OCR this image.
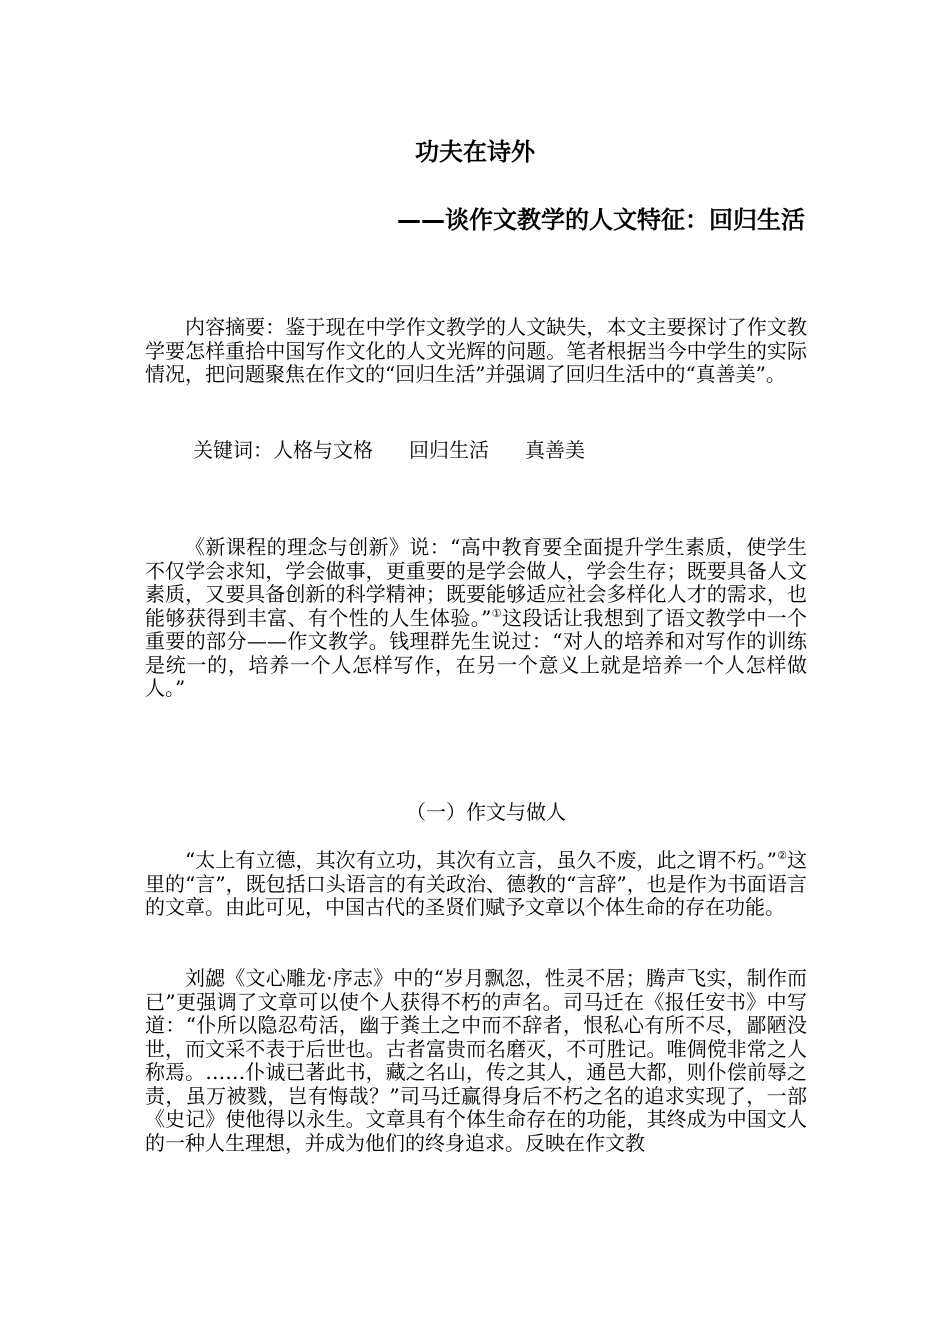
功夫在诗外
——谈作文教学的人文特征：回归生活

内容摘要：鉴于现在中学作文教学的人文缺失，本文主要探讨了作文教学要怎样重拾中国写作文化的人文光辉的问题。笔者根据当今中学生的实际情况，把问题聚焦在作文的“回归生活”并强调了回归生活中的“真善美”。

关键词：人格与文格 回归生活 真善美

《新课程的理念与创新》说：“高中教育要全面提升学生素质，使学生不仅学会求知，学会做事，更重要的是学会做人，学会生存；既要具备人文素质，又要具备创新的科学精神；既要能够适应社会多样化人才的需求，也能够获得到丰富、有个性的人生体验。”①这段话让我想到了语文教学中一个重要的部分——作文教学。钱理群先生说过：“对人的培养和对写作的训练是统一的，培养一个人怎样写作，在另一个意义上就是培养一个人怎样做人。”

（一）作文与做人

“太上有立德，其次有立功，其次有立言，虽久不废，此之谓不朽。”②这里的“言”，既包括口头语言的有关政治、德教的“言辞”，也是作为书面语言的文章。由此可见，中国古代的圣贤们赋予文章以个体生命的存在功能。

刘勰《文心雕龙·序志》中的“岁月飘忽，性灵不居；腾声飞实，制作而已”更强调了文章可以使个人获得不朽的声名。司马迁在《报任安书》中写道：“仆所以隐忍苟活，幽于粪土之中而不辞者，恨私心有所不尽，鄙陋没世，而文采不表于后世也。古者富贵而名磨灭，不可胜记。唯倜傥非常之人称焉。……仆诚已著此书，藏之名山，传之其人，通邑大都，则仆偿前辱之责，虽万被戮，岂有悔哉？”司马迁赢得身后不朽之名的追求实现了，一部《史记》使他得以永生。文章具有个体生命存在的功能，其终成为中国文人的一种人生理想，并成为他们的终身追求。反映在作文教
